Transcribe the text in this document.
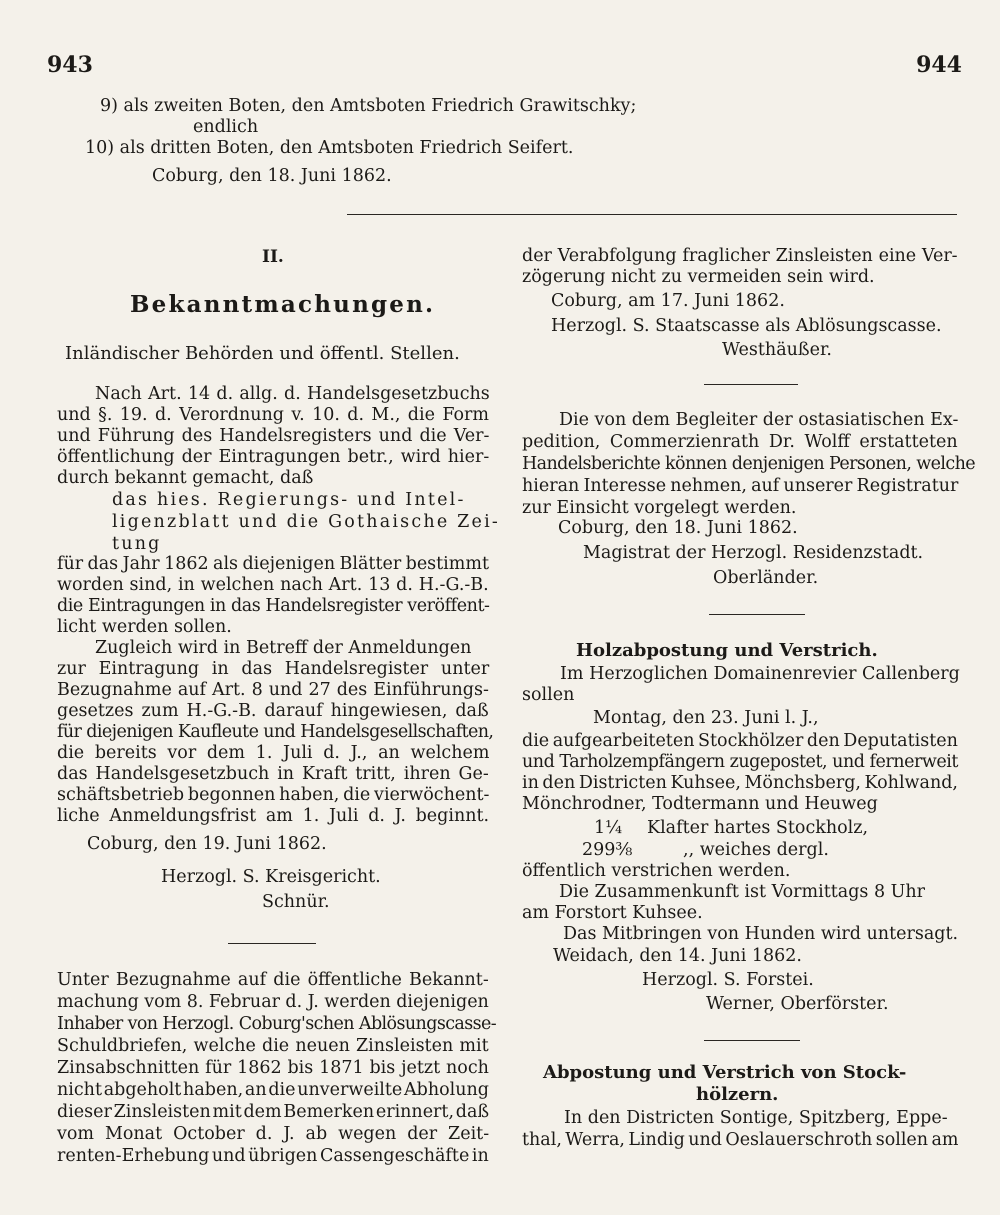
943	944
9) als zweiten Boten, den Amtsboten Friedrich Grawitschky;
endlich
10) als dritten Boten, den Amtsboten Friedrich Seifert.
Coburg, den 18. Juni 1862.
II.
Bekanntmachungen.
Inländischer Behörden und öffentl. Stellen.
Nach Art. 14 d. allg. d. Handelsgesetzbuchs
und §. 19. d. Verordnung v. 10. d. M., die Form
und Führung des Handelsregisters und die Ver-
öffentlichung der Eintragungen betr., wird hier-
durch bekannt gemacht, daß
das hies. Regierungs- und Intel-
ligenzblatt und die Gothaische Zei-
tung
für das Jahr 1862 als diejenigen Blätter bestimmt
worden sind, in welchen nach Art. 13 d. H.-G.-B.
die Eintragungen in das Handelsregister veröffent-
licht werden sollen.
Zugleich wird in Betreff der Anmeldungen
zur Eintragung in das Handelsregister unter
Bezugnahme auf Art. 8 und 27 des Einführungs-
gesetzes zum H.-G.-B. darauf hingewiesen, daß
für diejenigen Kaufleute und Handelsgesellschaften,
die bereits vor dem 1. Juli d. J., an welchem
das Handelsgesetzbuch in Kraft tritt, ihren Ge-
schäftsbetrieb begonnen haben, die vierwöchent-
liche Anmeldungsfrist am 1. Juli d. J. beginnt.
Coburg, den 19. Juni 1862.
Herzogl. S. Kreisgericht.
Schnür.
Unter Bezugnahme auf die öffentliche Bekannt-
machung vom 8. Februar d. J. werden diejenigen
Inhaber von Herzogl. Coburg'schen Ablösungscasse-
Schuldbriefen, welche die neuen Zinsleisten mit
Zinsabschnitten für 1862 bis 1871 bis jetzt noch
nicht abgeholt haben, an die unverweilte Abholung
dieser Zinsleisten mit dem Bemerken erinnert, daß
vom Monat October d. J. ab wegen der Zeit-
renten-Erhebung und übrigen Cassengeschäfte in
der Verabfolgung fraglicher Zinsleisten eine Ver-
zögerung nicht zu vermeiden sein wird.
Coburg, am 17. Juni 1862.
Herzogl. S. Staatscasse als Ablösungscasse.
Westhäußer.
Die von dem Begleiter der ostasiatischen Ex-
pedition, Commerzienrath Dr. Wolff erstatteten
Handelsberichte können denjenigen Personen, welche
hieran Interesse nehmen, auf unserer Registratur
zur Einsicht vorgelegt werden.
Coburg, den 18. Juni 1862.
Magistrat der Herzogl. Residenzstadt.
Oberländer.
Holzabpostung und Verstrich.
Im Herzoglichen Domainenrevier Callenberg
sollen
Montag, den 23. Juni l. J.,
die aufgearbeiteten Stockhölzer den Deputatisten
und Tarholzempfängern zugepostet, und fernerweit
in den Districten Kuhsee, Mönchsberg, Kohlwand,
Mönchrodner, Todtermann und Heuweg
1¼ Klafter hartes Stockholz,
299⅜	,, weiches dergl.
öffentlich verstrichen werden.
Die Zusammenkunft ist Vormittags 8 Uhr
am Forstort Kuhsee.
Das Mitbringen von Hunden wird untersagt.
Weidach, den 14. Juni 1862.
Herzogl. S. Forstei.
Werner, Oberförster.
Abpostung und Verstrich von Stock-
hölzern.
In den Districten Sontige, Spitzberg, Eppe-
thal, Werra, Lindig und Oeslauerschroth sollen am
